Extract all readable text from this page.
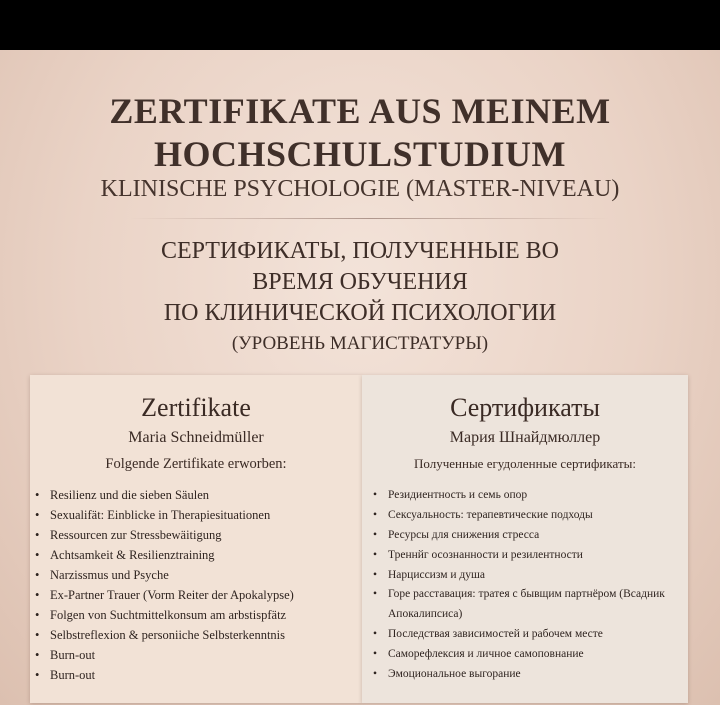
ZERTIFIKATE AUS MEINEM
HOCHSCHULSTUDIUM
KLINISCHE PSYCHOLOGIE (MASTER-NIVEAU)
СЕРТИФИКАТЫ, ПОЛУЧЕННЫЕ ВО
ВРЕМЯ ОБУЧЕНИЯ
ПО КЛИНИЧЕСКОЙ ПСИХОЛОГИИ
(УРОВЕНЬ МАГИСТРАТУРЫ)
Zertifikate
Maria Schneidmüller
Folgende Zertifikate erworben:
• Resilienz und die sieben Säulen
• Sexualifät: Einblicke in Therapiesituationen
• Ressourcen zur Stressbewäitigung
• Achtsamkeit & Resilienztraining
• Narzissmus und Psyche
• Ex-Partner Trauer (Vorm Reiter der Apokalypse)
• Folgen von Suchtmittelkonsum am arbstispfätz
• Selbstreflexion & personiiche Selbsterkenntnis
• Burn-out
• Burn-out
Сертификаты
Мария Шнайдмюллер
Полученные егудоленные сертификаты:
• Резидиентность и семь опор
• Сексуальность: терапевтические подходы
• Ресурсы для снижения стресса
• Треннйг осознанности и резилентности
• Нарциссизм и душа
• Горе расставация: тратея с бывщим партнёром (Всадник Апокалипсиса)
• Последствая зависимостей и рабочем месте
• Саморефлексия и личное самоповнание
• Эмоциональное выгорание
